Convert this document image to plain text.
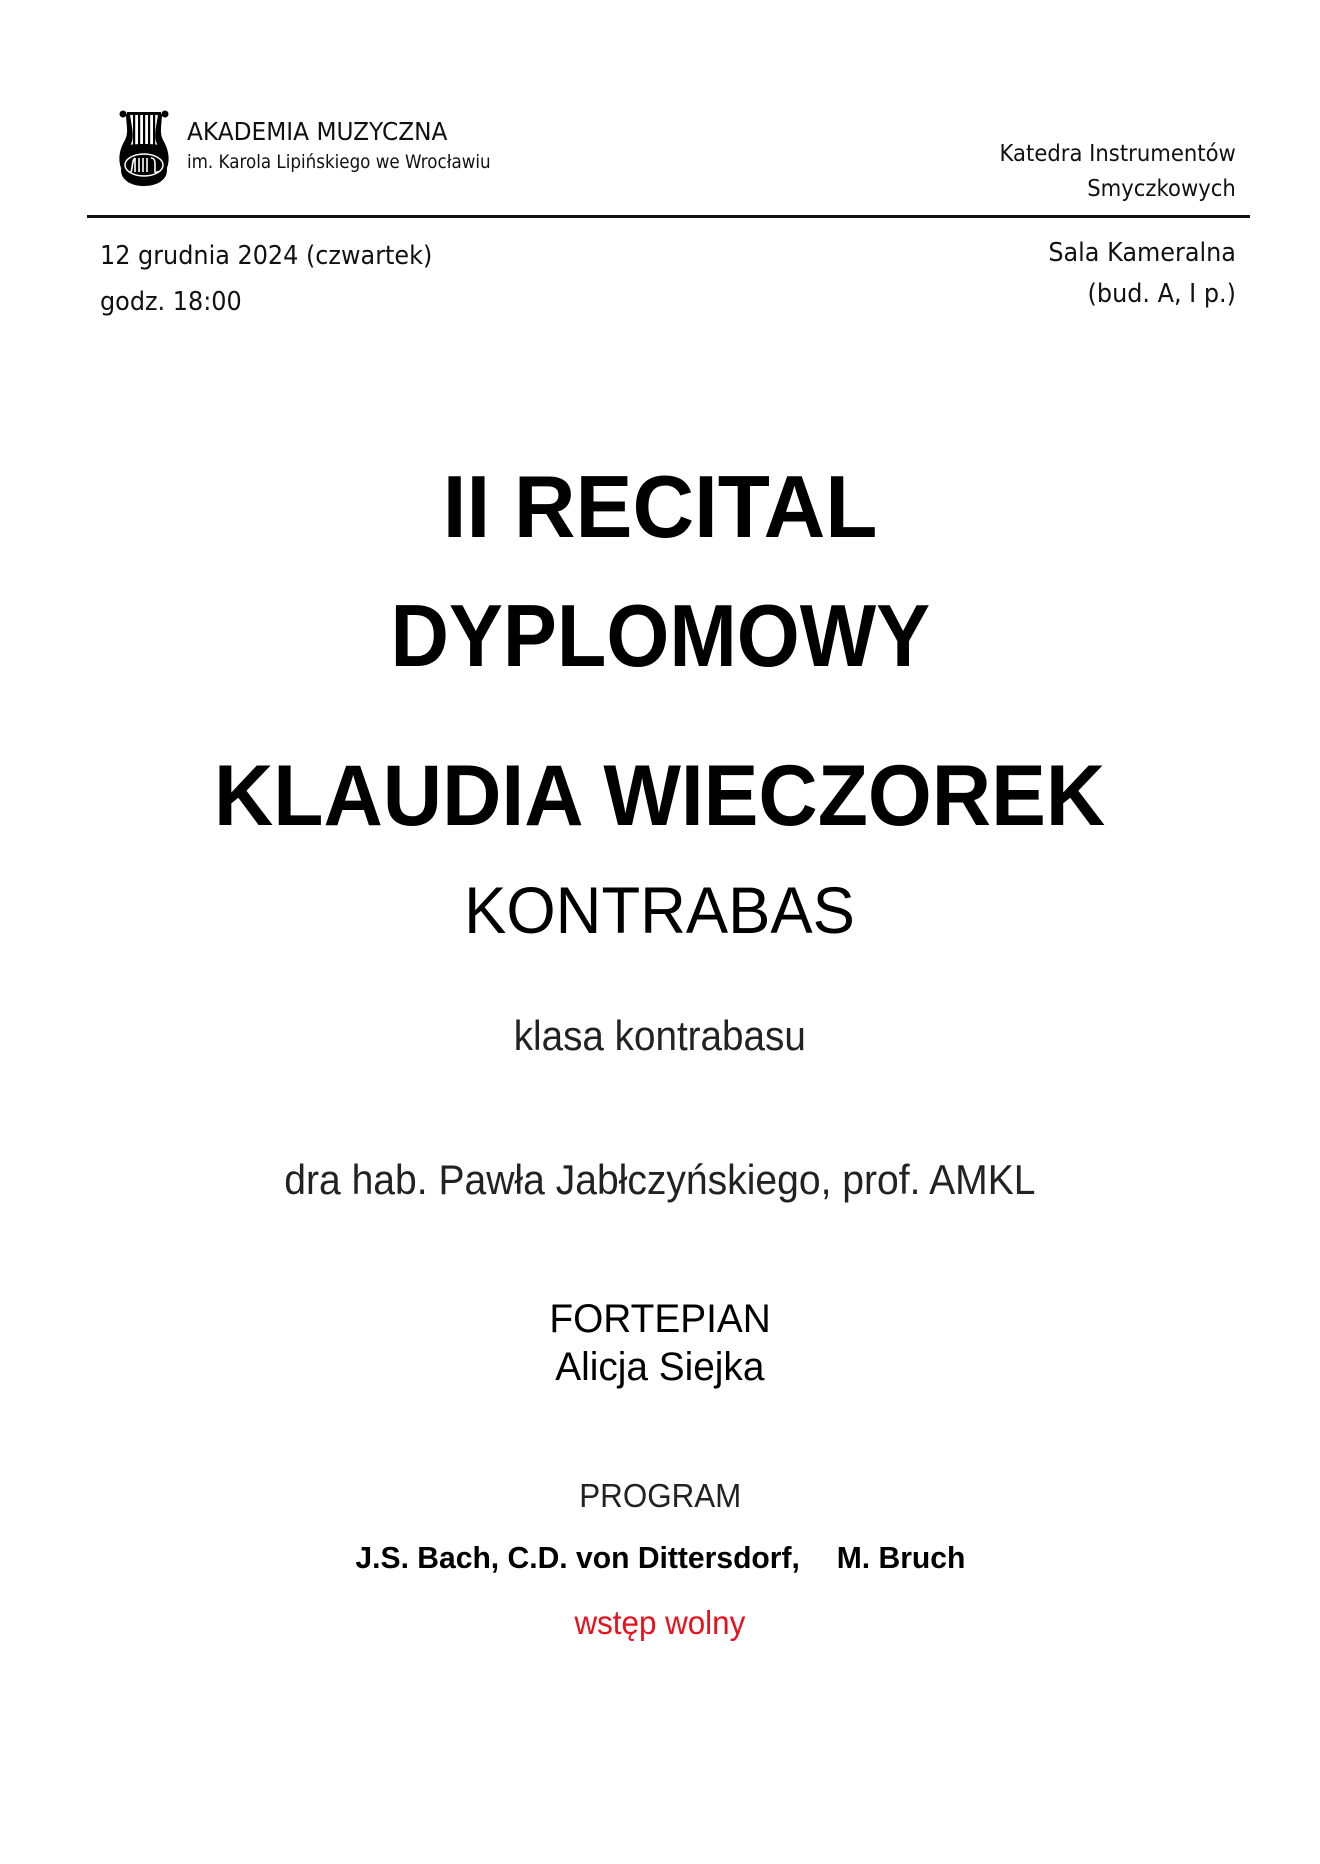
AKADEMIA MUZYCZNA
im. Karola Lipińskiego we Wrocławiu	Katedra Instrumentów
Smyczkowych
12 grudnia 2024 (czwartek)
godz. 18:00
Sala Kameralna
(bud. A, I p.)
II RECITAL
DYPLOMOWY
KLAUDIA WIECZOREK
KONTRABAS
klasa kontrabasu
dra hab. Pawła Jabłczyńskiego, prof. AMKL
FORTEPIAN
Alicja Siejka
PROGRAM
J.S. Bach, C.D. von Dittersdorf, M. Bruch
wstęp wolny
